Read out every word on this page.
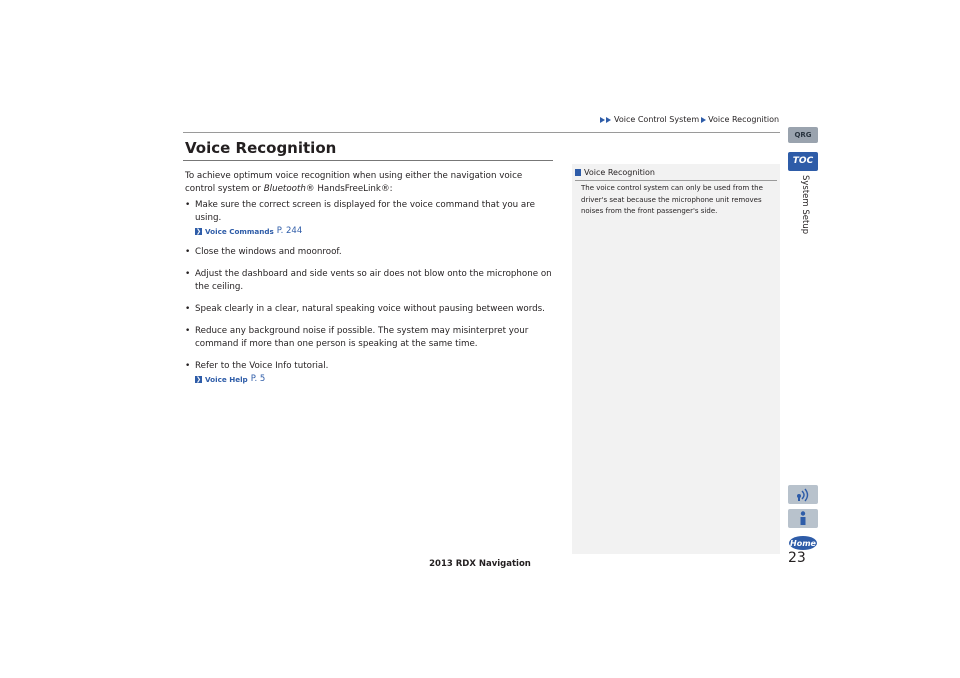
Voice Control System Voice Recognition
Voice Recognition

To achieve optimum voice recognition when using either the navigation voice control system or Bluetooth® HandsFreeLink®:

• Make sure the correct screen is displayed for the voice command that you are using.
❯ Voice Commands P. 244
• Close the windows and moonroof.
• Adjust the dashboard and side vents so air does not blow onto the microphone on the ceiling.
• Speak clearly in a clear, natural speaking voice without pausing between words.
• Reduce any background noise if possible. The system may misinterpret your command if more than one person is speaking at the same time.
• Refer to the Voice Info tutorial.
❯ Voice Help P. 5
Voice Recognition
The voice control system can only be used from the driver's seat because the microphone unit removes noises from the front passenger's side.
QRG
TOC
System Setup
Home
23
2013 RDX Navigation
